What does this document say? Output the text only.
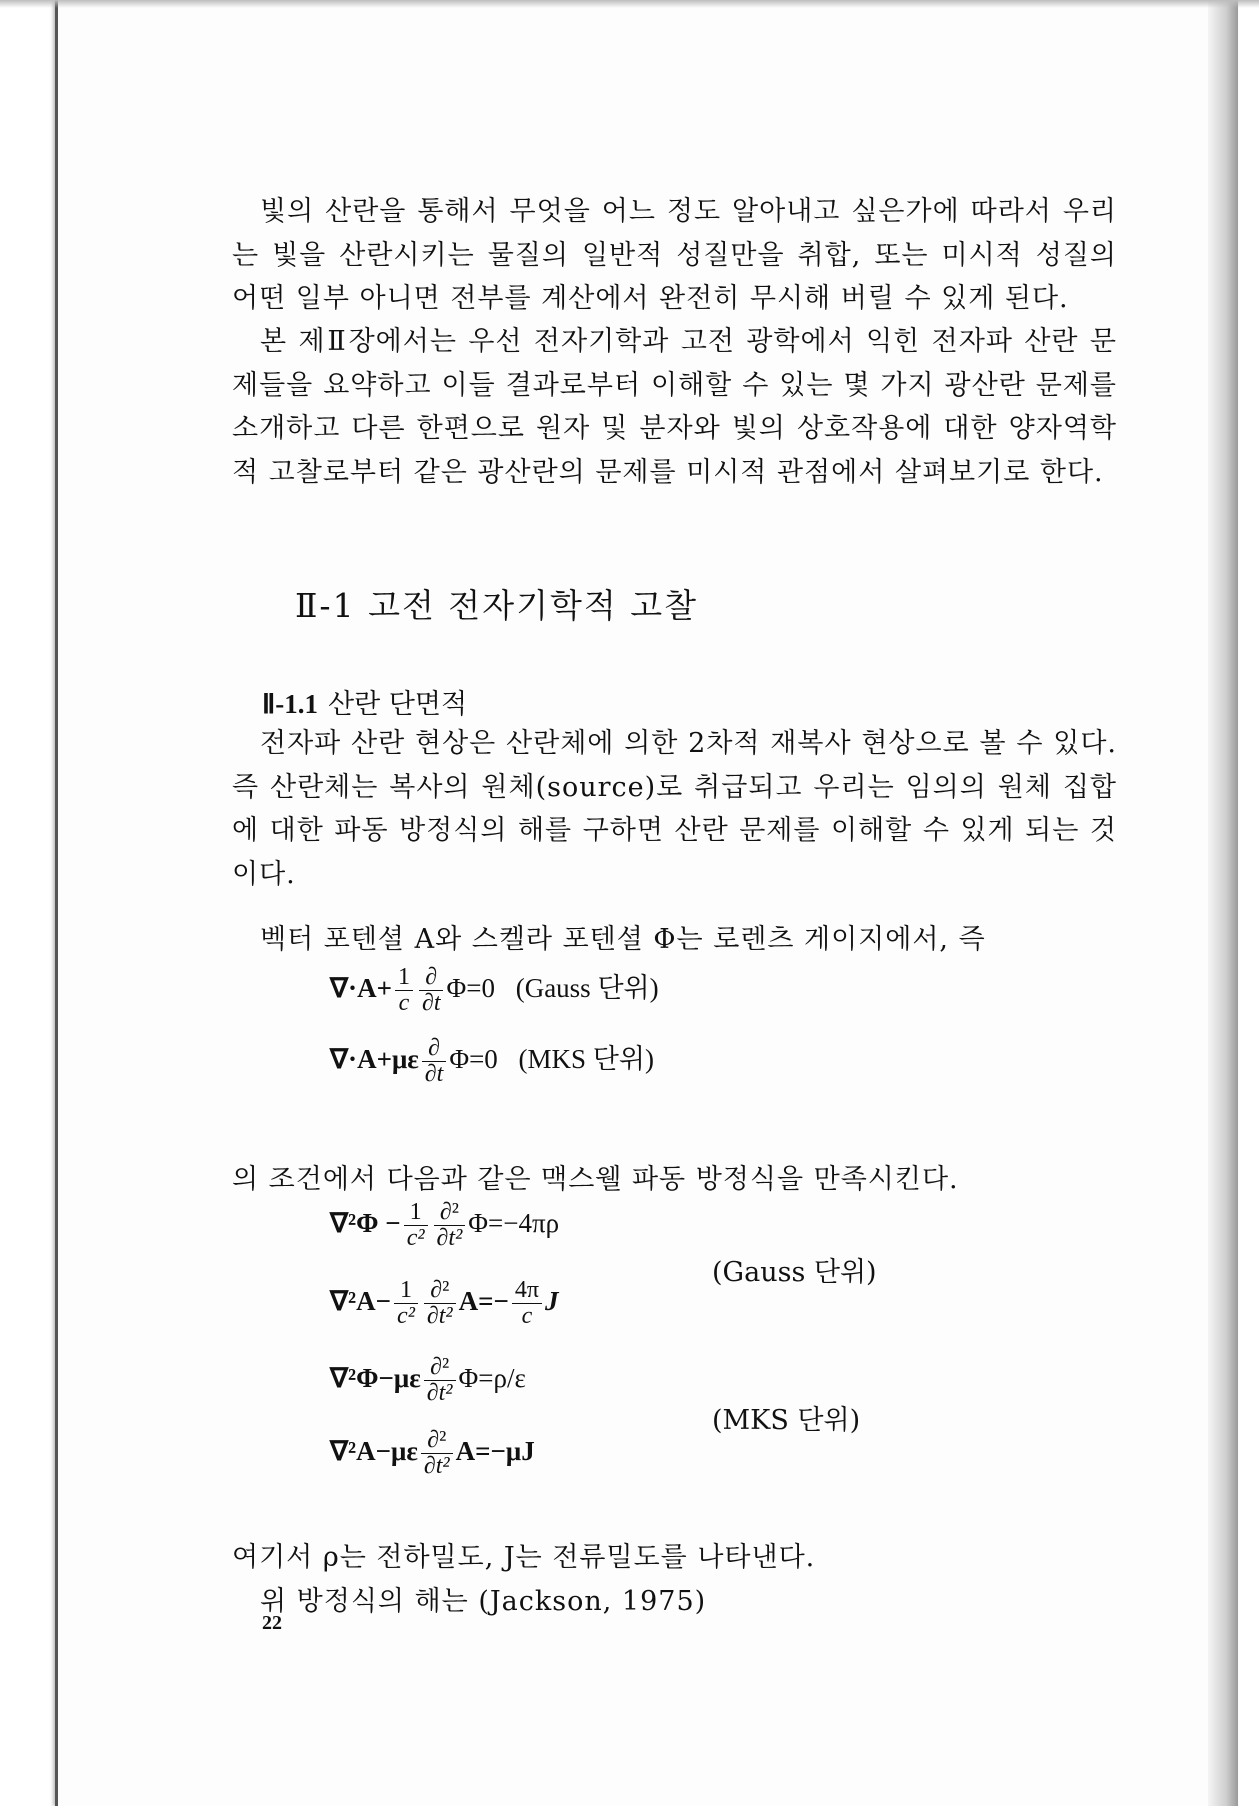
빛의 산란을 통해서 무엇을 어느 정도 알아내고 싶은가에 따라서 우리는 빛을 산란시키는 물질의 일반적 성질만을 취합, 또는 미시적 성질의 어떤 일부 아니면 전부를 계산에서 완전히 무시해 버릴 수 있게 된다.

본 제Ⅱ장에서는 우선 전자기학과 고전 광학에서 익힌 전자파 산란 문제들을 요약하고 이들 결과로부터 이해할 수 있는 몇 가지 광산란 문제를 소개하고 다른 한편으로 원자 및 분자와 빛의 상호작용에 대한 양자역학적 고찰로부터 같은 광산란의 문제를 미시적 관점에서 살펴보기로 한다.

Ⅱ-1 고전 전자기학적 고찰
Ⅱ-1.1 산란 단면적

전자파 산란 현상은 산란체에 의한 2차적 재복사 현상으로 볼 수 있다. 즉 산란체는 복사의 원체(source)로 취급되고 우리는 임의의 원체 집합에 대한 파동 방정식의 해를 구하면 산란 문제를 이해할 수 있게 되는 것이다.

벡터 포텐셜 A와 스켈라 포텐셜 Φ는 로렌츠 게이지에서, 즉

$\nabla\cdot A+ \frac{1}{c} \frac{\partial}{\partial t} \Phi=0$ (Gauss 단위)
$\nabla\cdot A+\mu\varepsilon \frac{\partial}{\partial t} \Phi=0$ (MKS 단위)

의 조건에서 다음과 같은 맥스웰 파동 방정식을 만족시킨다.

$\nabla^2\Phi - \frac{1}{\text{c²}} \frac{\text{∂²}}{\text{∂t²}} \Phi=-4\pi\rho$
$\nabla^2A- \frac{1}{\text{c²}} \frac{\text{∂²}}{\text{∂t²}} A=- \frac{4\pi}{c}$ J
(Gauss 단위)
$\nabla^2\Phi-\mu\varepsilon \frac{\text{∂²}}{\text{∂t²}} \Phi=\rho/\varepsilon$
$\nabla^2A-\mu\varepsilon \frac{\text{∂²}}{\text{∂t²}} A=-\mu J$
(MKS 단위)

여기서 ρ는 전하밀도, J는 전류밀도를 나타낸다.

위 방정식의 해는 (Jackson, 1975)

22
